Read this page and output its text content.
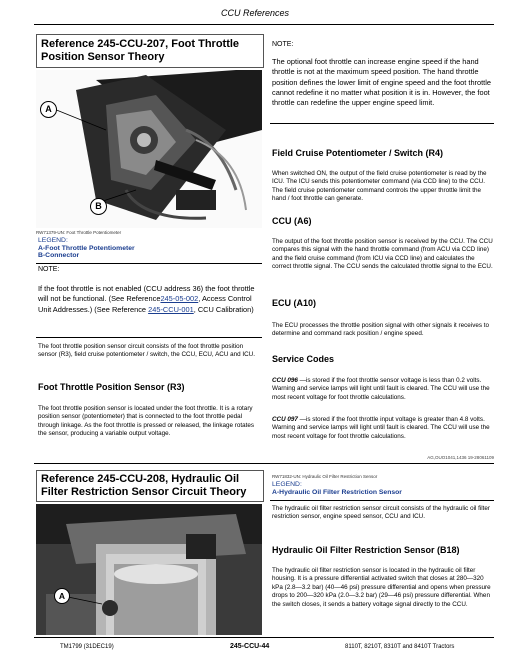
CCU References
Reference 245-CCU-207, Foot Throttle Position Sensor Theory
A
B
RW71379-UN: Foot Throttle Potentiometer
LEGEND:
A-Foot Throttle Potentiometer
B-Connector
NOTE:
If the foot throttle is not enabled (CCU address 36) the foot throttle will not be functional. (See Reference245-05-002, Access Control Unit Addresses.) (See Reference 245-CCU-001, CCU Calibration)
The foot throttle position sensor circuit consists of the foot throttle position sensor (R3), field cruise potentiometer / switch, the CCU, ECU, ACU and ICU.
Foot Throttle Position Sensor (R3)
The foot throttle position sensor is located under the foot throttle. It is a rotary position sensor (potentiometer) that is connected to the foot throttle pedal through linkage. As the foot throttle is pressed or released, the linkage rotates the sensor, producing a variable output voltage.
NOTE:
The optional foot throttle can increase engine speed if the hand throttle is not at the maximum speed position. The hand throttle position defines the lower limit of engine speed and the foot throttle cannot redefine it no matter what position it is in. However, the foot throttle can redefine the upper engine speed limit.
Field Cruise Potentiometer / Switch (R4)
When switched ON, the output of the field cruise potentiometer is read by the ICU. The ICU sends this potentiometer command (via CCD line) to the CCU. The field cruise potentiometer command controls the upper throttle limit the hand / foot throttle can generate.
CCU (A6)
The output of the foot throttle position sensor is received by the CCU. The CCU compares this signal with the hand throttle command (from ACU via CCD line) and the field cruise command (from ICU via CCD line) and calculates the correct throttle signal. The CCU sends the calculated throttle signal to the ECU.
ECU (A10)
The ECU processes the throttle position signal with other signals it receives to determine and command rack position / engine speed.
Service Codes
CCU 096 —is stored if the foot throttle sensor voltage is less than 0.2 volts. Warning and service lamps will light until fault is cleared. The CCU will use the most recent voltage for foot throttle calculations.
CCU 097 —is stored if the foot throttle input voltage is greater than 4.8 volts. Warning and service lamps will light until fault is cleared. The CCU will use the most recent voltage for foot throttle calculations.
AG,OUO1041,1436 19-28061109
Reference 245-CCU-208, Hydraulic Oil Filter Restriction Sensor Circuit Theory
A
RW71832-UN: Hydraulic Oil Filter Restriction Sensor
LEGEND:
A-Hydraulic Oil Filter Restriction Sensor
The hydraulic oil filter restriction sensor circuit consists of the hydraulic oil filter restriction sensor, engine speed sensor, CCU and ICU.
Hydraulic Oil Filter Restriction Sensor (B18)
The hydraulic oil filter restriction sensor is located in the hydraulic oil filter housing. It is a pressure differential activated switch that closes at 280—320 kPa (2.8—3.2 bar) (40—46 psi) pressure differential and opens when pressure drops to 200—320 kPa (2.0—3.2 bar) (29—46 psi) pressure differential. When the switch closes, it sends a battery voltage signal directly to the CCU.
TM1799 (31DEC19)	245-CCU-44	8110T, 8210T, 8310T and 8410T Tractors
